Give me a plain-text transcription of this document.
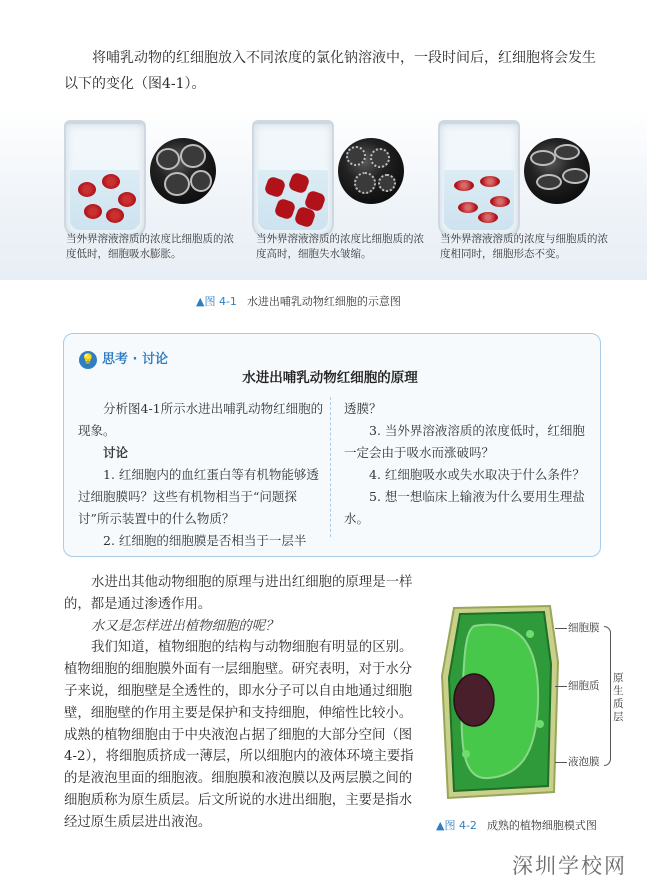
将哺乳动物的红细胞放入不同浓度的氯化钠溶液中，一段时间后，红细胞将会发生以下的变化（图4-1）。
当外界溶液溶质的浓度比细胞质的浓度低时，细胞吸水膨胀。
当外界溶液溶质的浓度比细胞质的浓度高时，细胞失水皱缩。
当外界溶液溶质的浓度与细胞质的浓度相同时，细胞形态不变。
▲图 4-1 水进出哺乳动物红细胞的示意图
💡 思考 · 讨论
水进出哺乳动物红细胞的原理

分析图4-1所示水进出哺乳动物红细胞的现象。

讨论

1. 红细胞内的血红蛋白等有机物能够透过细胞膜吗？这些有机物相当于“问题探讨”所示装置中的什么物质？

2. 红细胞的细胞膜是否相当于一层半

透膜？

3. 当外界溶液溶质的浓度低时，红细胞一定会由于吸水而涨破吗？

4. 红细胞吸水或失水取决于什么条件？

5. 想一想临床上输液为什么要用生理盐水。

水进出其他动物细胞的原理与进出红细胞的原理是一样的，都是通过渗透作用。

水又是怎样进出植物细胞的呢？

我们知道，植物细胞的结构与动物细胞有明显的区别。植物细胞的细胞膜外面有一层细胞壁。研究表明，对于水分子来说，细胞壁是全透性的，即水分子可以自由地通过细胞壁，细胞壁的作用主要是保护和支持细胞，伸缩性比较小。成熟的植物细胞由于中央液泡占据了细胞的大部分空间（图4-2），将细胞质挤成一薄层，所以细胞内的液体环境主要指的是液泡里面的细胞液。细胞膜和液泡膜以及两层膜之间的细胞质称为原生质层。后文所说的水进出细胞，主要是指水经过原生质层进出液泡。

细胞膜
细胞质
液泡膜
原生质层
▲图 4-2 成熟的植物细胞模式图
深圳学校网
